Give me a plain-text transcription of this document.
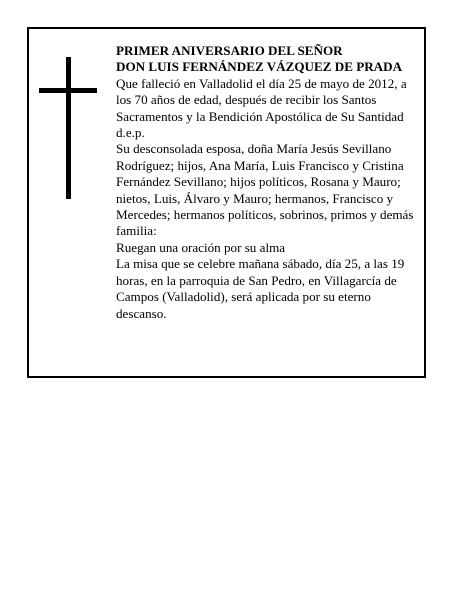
PRIMER ANIVERSARIO DEL SEÑOR

DON LUIS FERNÁNDEZ VÁZQUEZ DE PRADA

Que falleció en Valladolid el día 25 de mayo de 2012, a los 70 años de edad, después de recibir los Santos Sacramentos y la Bendición Apostólica de Su Santidad d.e.p.

Su desconsolada esposa, doña María Jesús Sevillano Rodríguez; hijos, Ana María, Luis Francisco y Cristina Fernández Sevillano; hijos políticos, Rosana y Mauro; nietos, Luis, Álvaro y Mauro; hermanos, Francisco y Mercedes; hermanos políticos, sobrinos, primos y demás familia:

Ruegan una oración por su alma

La misa que se celebre mañana sábado, día 25, a las 19 horas, en la parroquia de San Pedro, en Villagarcía de Campos (Valladolid), será aplicada por su eterno descanso.
